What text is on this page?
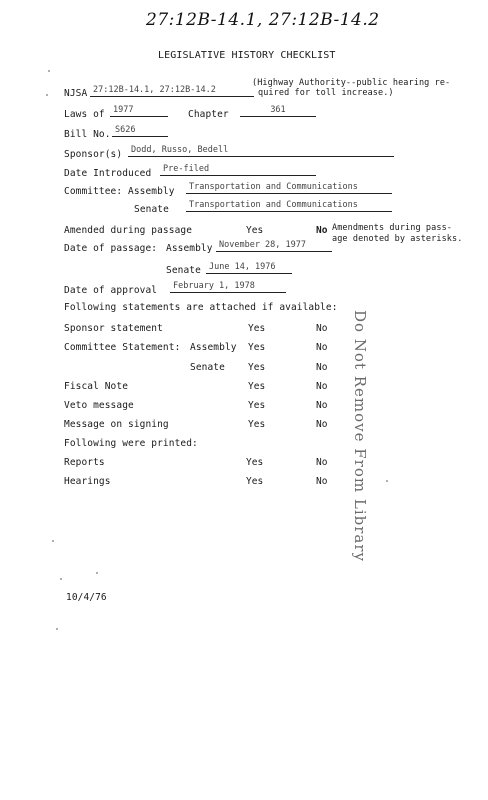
27:12B-14.1, 27:12B-14.2
LEGISLATIVE HISTORY CHECKLIST
NJSA 27:12B-14.1, 27:12B-14.2
(Highway Authority--public hearing re-
quired for toll increase.)
Laws of 1977	Chapter	361
Bill No. S626
Sponsor(s)	Dodd, Russo, Bedell
Date Introduced	Pre-filed
Committee: Assembly	Transportation and Communications
Senate	Transportation and Communications
Amended during passage	Yes	No Amendments during pass-
age denoted by asterisks.
Date of passage: Assembly November 28, 1977
Senate June 14, 1976
Date of approval	February 1, 1978
Following statements are attached if available:
Sponsor statement	Yes	No
Committee Statement: Assembly Yes	No
Senate Yes	No
Fiscal Note	Yes	No
Veto message	Yes	No
Message on signing	Yes	No
Following were printed:
Reports	Yes	No
Hearings	Yes	No Do Not Remove From Library
10/4/76
